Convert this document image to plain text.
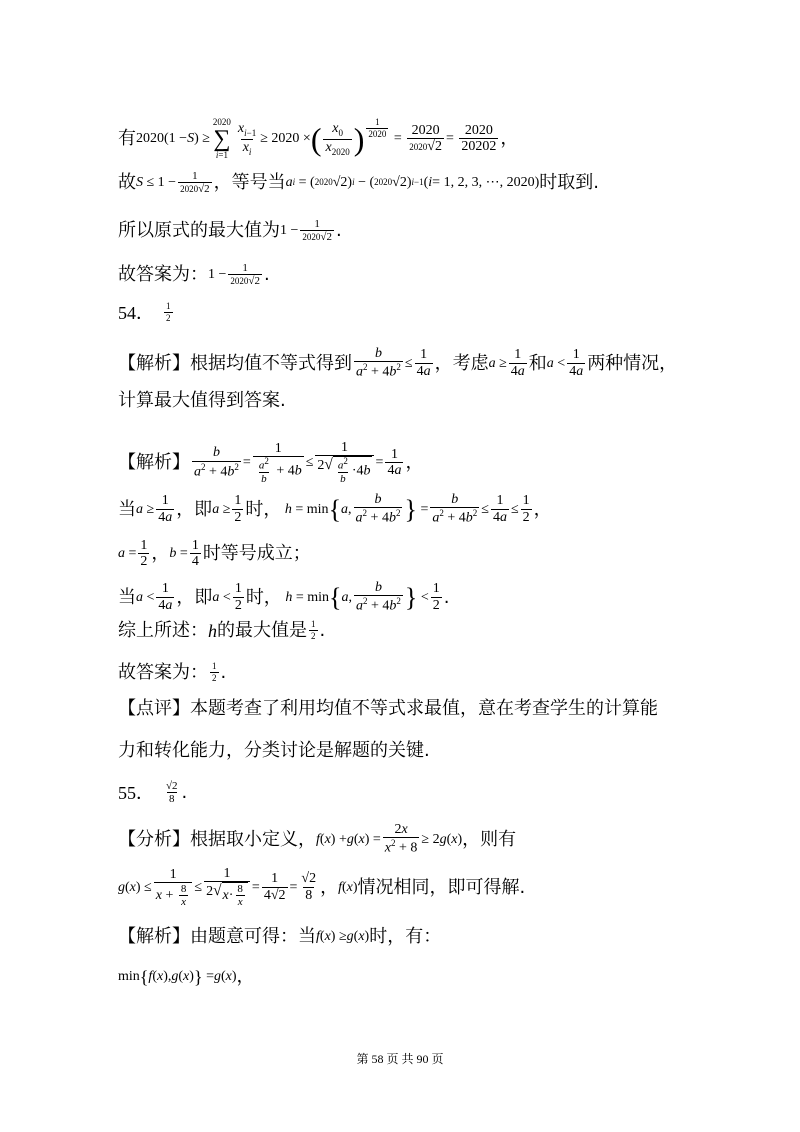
有 2020(1 − S ) ≥
2020
∑
$i=1 \frac{x_{i-1}}{x_i} \ge 2020$ × ( $\frac{x_0}{x_{2020}}$ ) $\frac{1}{2020} = \frac{2020}{2020√2} = \frac{2020}{20202}$ ，
故 $S \le 1 - \frac{1}{2020√2}$ ，等号当 a i = ( 2020 √2) i − ( 2020 √2) i−1 ( i = 1, 2, 3, ⋯, 2020) 时取到.
所以原式的最大值为 $1 - \frac{1}{2020√2}$ .
故答案为： $1 - \frac{1}{2020√2}$ .
54． $\frac{1}{2}$
【解析】根据均值不等式得到 $\frac{b}{a^2 + 4b^2} \le \frac{1}{4a}$ ，考虑 $a \ge \frac{1}{4a}$ 和 $a < \frac{1}{4a}$ 两种情况，
计算最大值得到答案.
【解析】 $\frac{b}{a^2 + 4b^2} = \frac{1}{\frac{a^2}{b} + 4b} \le \frac{1}{2 √ \frac{a^2}{b} \cdot 4b} = \frac{1}{4a}$ ，
当 $a \ge \frac{1}{4a}$ ，即 $a \ge \frac{1}{2}$ 时，
h = min { a , $\frac{b}{a^2 + 4b^2}$ } = $\frac{b}{a^2 + 4b^2} \le \frac{1}{4a} \le \frac{1}{2}$ ，
$a = \frac{1}{2}$ ， $b = \frac{1}{4}$ 时等号成立；
当 $a < \frac{1}{4a}$ ，即 $a < \frac{1}{2}$ 时，
h = min { a , $\frac{b}{a^2 + 4b^2}$ } < $\frac{1}{2}$ .
综上所述： h 的最大值是 $\frac{1}{2}$ .
故答案为： $\frac{1}{2}$ .
【点评】本题考查了利用均值不等式求最值，意在考查学生的计算能
力和转化能力，分类讨论是解题的关键.
55． $\frac{√2}{8}$ .
【分析】根据取小定义， f ( x ) + g ( x ) = $\frac{2x}{x^2 + 8} \ge 2$ g ( x ) ，则有
g ( x ) ≤ $\frac{1}{x + \frac{8}{x}} \le \frac{1}{2 √ x\cdot \frac{8}{x}} = \frac{1}{4√2} = \frac{√2}{8}$ ， f ( x ) 情况相同，即可得解.
【解析】由题意可得：当 f ( x ) ≥ g ( x ) 时，有：
min { f ( x ), g ( x ) } = g ( x ) ，
第 58 页 共 90 页
